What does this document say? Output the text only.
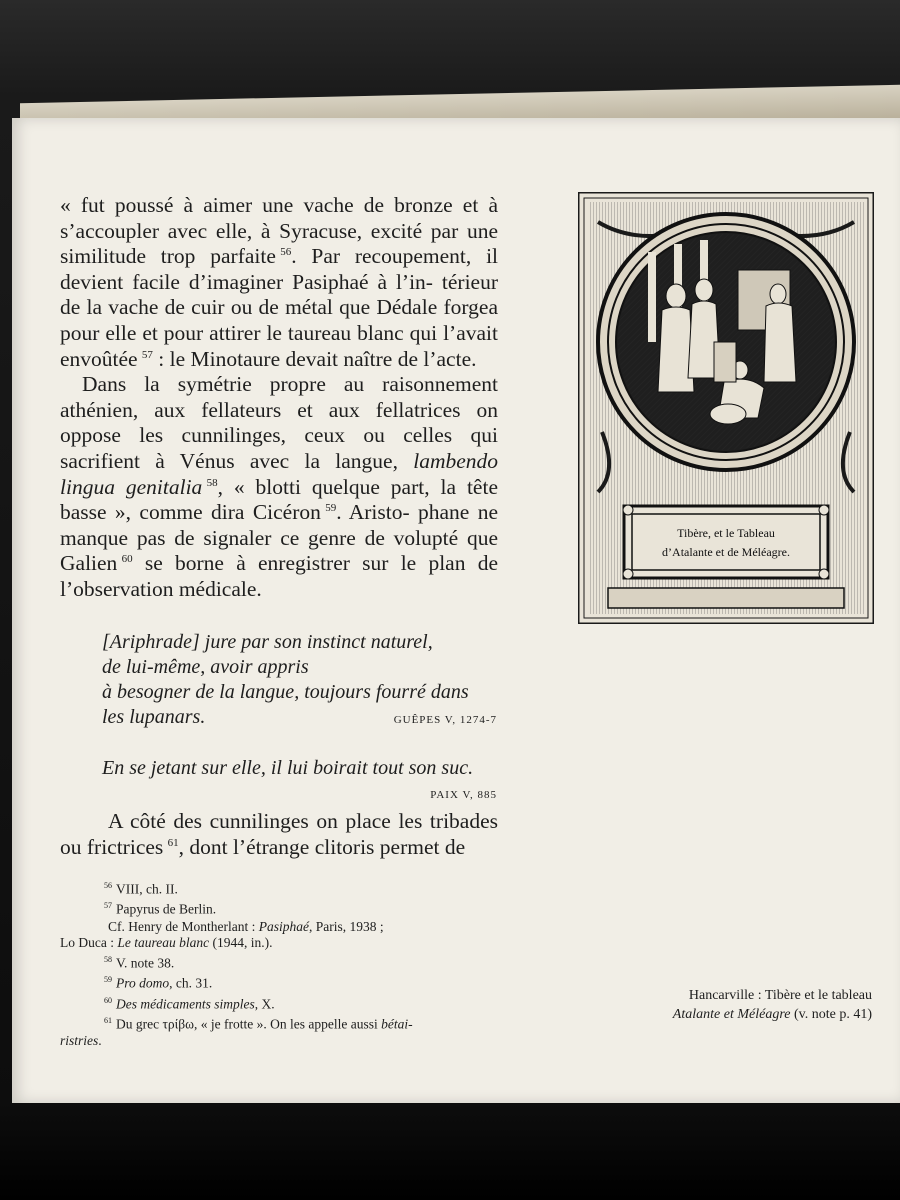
« fut poussé à aimer une vache de bronze et à s’accoupler avec elle, à Syracuse, excité par une similitude trop parfaite  $^{56}$. Par recoupement, il devient facile d’imaginer Pasiphaé à l’in- térieur de la vache de cuir ou de métal que Dédale forgea pour elle et pour attirer le taureau blanc qui l’avait envoûtée  $^{57}$ : le Minotaure devait naître de l’acte.

Dans la symétrie propre au raisonnement athénien, aux fellateurs et aux fellatrices on oppose les cunnilinges, ceux ou celles qui sacrifient à Vénus avec la langue, lambendo lingua genitalia  $^{58}$, « blotti quelque part, la tête basse », comme dira Cicéron  $^{59}$. Aristo- phane ne manque pas de signaler ce genre de volupté que Galien  $^{60}$ se borne à enregistrer sur le plan de l’observation médicale.

[Ariphrade] jure par son instinct naturel,
de lui-même, avoir appris
à besogner de la langue, toujours fourré dans
les lupanars.	GUÊPES V, 1274-7
En se jetant sur elle, il lui boirait tout son suc.
PAIX V, 885

A côté des cunnilinges on place les tribades ou frictrices  $^{61}$, dont l’étrange clitoris permet de

$^{56}$ VIII, ch. II.
$^{57}$ Papyrus de Berlin.
Cf. Henry de Montherlant : Pasiphaé, Paris, 1938 ;
Lo Duca : Le taureau blanc (1944, in.).
$^{58}$ V. note 38.
$^{59}$ Pro domo, ch. 31.
$^{60}$ Des médicaments simples, X.
$^{61}$ Du grec τρίβω, « je frotte ». On les appelle aussi bétai-
ristries.
Tibère, et le Tableau
d’Atalante et de Méléagre.
Hancarville : Tibère et le tableau
Atalante et Méléagre (v. note p. 41)
